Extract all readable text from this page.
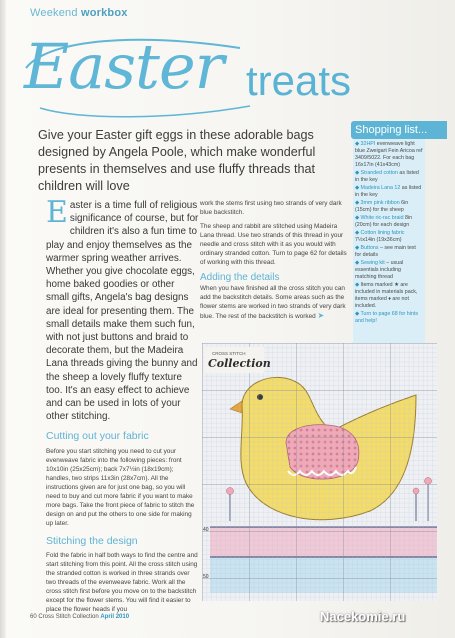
Weekend workbox
Easter treats
Give your Easter gift eggs in these adorable bags designed by Angela Poole, which make wonderful presents in themselves and use fluffy threads that children will love
Shopping list...
◆ 32HPI evenweave light blue Zweigart Fein Aricoa ref 3409/5022. For each bag 16x17in (41x43cm)
◆ Stranded cotton as listed in the key
◆ Madeira Lana 12 as listed in the key
◆ 3mm pink ribbon 6in (15cm) for the sheep
◆ White ric-rac braid 8in (20cm) for each design
◆ Cotton lining fabric 7½x14in (19x36cm)
◆ Buttons – see main text for details
◆ Sewing kit – usual essentials including matching thread
◆ Items marked ★ are included in materials pack, items marked ♦ are not included.
◆ Turn to page 68 for hints and help!
Easter is a time full of religious significance of course, but for children it's also a fun time to play and enjoy themselves as the warmer spring weather arrives. Whether you give chocolate eggs, home baked goodies or other small gifts, Angela's bag designs are ideal for presenting them. The small details make them such fun, with not just buttons and braid to decorate them, but the Madeira Lana threads giving the bunny and the sheep a lovely fluffy texture too. It's an easy effect to achieve and can be used in lots of your other stitching.
Cutting out your fabric
Before you start stitching you need to cut your evenweave fabric into the following pieces: front 10x10in (25x25cm); back 7x7½in (18x19cm); handles, two strips 11x3in (28x7cm). All the instructions given are for just one bag, so you will need to buy and cut more fabric if you want to make more bags. Take the front piece of fabric to stitch the design on and put the others to one side for making up later.
Stitching the design
Fold the fabric in half both ways to find the centre and start stitching from this point. All the cross stitch using the stranded cotton is worked in three strands over two threads of the evenweave fabric. Work all the cross stitch first before you move on to the backstitch except for the flower stems. You will find it easier to place the flower heads if you
work the stems first using two strands of very dark blue backstitch.
The sheep and rabbit are stitched using Madeira Lana thread. Use two strands of this thread in your needle and cross stitch with it as you would with ordinary stranded cotton. Turn to page 62 for details of working with this thread.
Adding the details
When you have finished all the cross stitch you can add the backstitch details. Some areas such as the flower stems are worked in two strands of very dark blue. The rest of the backstitch is worked ➤
CROSS STITCH
Collection
40
50
60 Cross Stitch Collection April 2010	Nacekomie.ru
